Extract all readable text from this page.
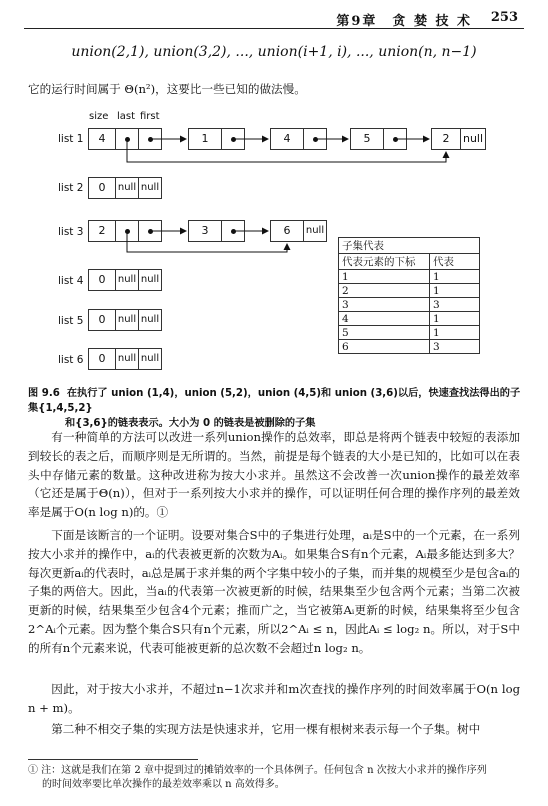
第9章　贪 婪 技 术 253
union(2,1), union(3,2), ..., union(i+1, i), ..., union(n, n−1)
它的运行时间属于 Θ(n²)，这要比一些已知的做法慢。
size last first
list 1	4	1	4	5	2	null
list 2	0	null null
list 3	2	3	6	null
list 4	0	null null
list 5	0	null null
list 6	0	null null
子集代表	
代表元素的下标	代表
1	1
2	1
3	3
4	1
5	1
6	3
图 9.6 在执行了 union (1,4)，union (5,2)，union (4,5)和 union (3,6)以后，快速查找法得出的子集{1,4,5,2}
和{3,6}的链表表示。大小为 0 的链表是被删除的子集
有一种简单的方法可以改进一系列union操作的总效率，即总是将两个链表中较短的表添加到较长的表之后，而顺序则是无所谓的。当然，前提是每个链表的大小是已知的，比如可以在表头中存储元素的数量。这种改进称为按大小求并。虽然这不会改善一次union操作的最差效率（它还是属于Θ(n)），但对于一系列按大小求并的操作，可以证明任何合理的操作序列的最差效率是属于O(n log n)的。①
下面是该断言的一个证明。设要对集合S中的子集进行处理，aᵢ是S中的一个元素，在一系列按大小求并的操作中，aᵢ的代表被更新的次数为Aᵢ。如果集合S有n个元素，Aᵢ最多能达到多大？每次更新aᵢ的代表时，aᵢ总是属于求并集的两个字集中较小的子集，而并集的规模至少是包含aᵢ的子集的两倍大。因此，当aᵢ的代表第一次被更新的时候，结果集至少包含两个元素；当第二次被更新的时候，结果集至少包含4个元素；推而广之，当它被第Aᵢ更新的时候，结果集将至少包含2^Aᵢ个元素。因为整个集合S只有n个元素，所以2^Aᵢ ≤ n，因此Aᵢ ≤ log₂ n。所以，对于S中的所有n个元素来说，代表可能被更新的总次数不会超过n log₂ n。
因此，对于按大小求并，不超过n−1次求并和m次查找的操作序列的时间效率属于O(n log n + m)。
第二种不相交子集的实现方法是快速求并，它用一棵有根树来表示每一个子集。树中
① 注：这就是我们在第 2 章中提到过的摊销效率的一个具体例子。任何包含 n 次按大小求并的操作序列
的时间效率要比单次操作的最差效率乘以 n 高效得多。
